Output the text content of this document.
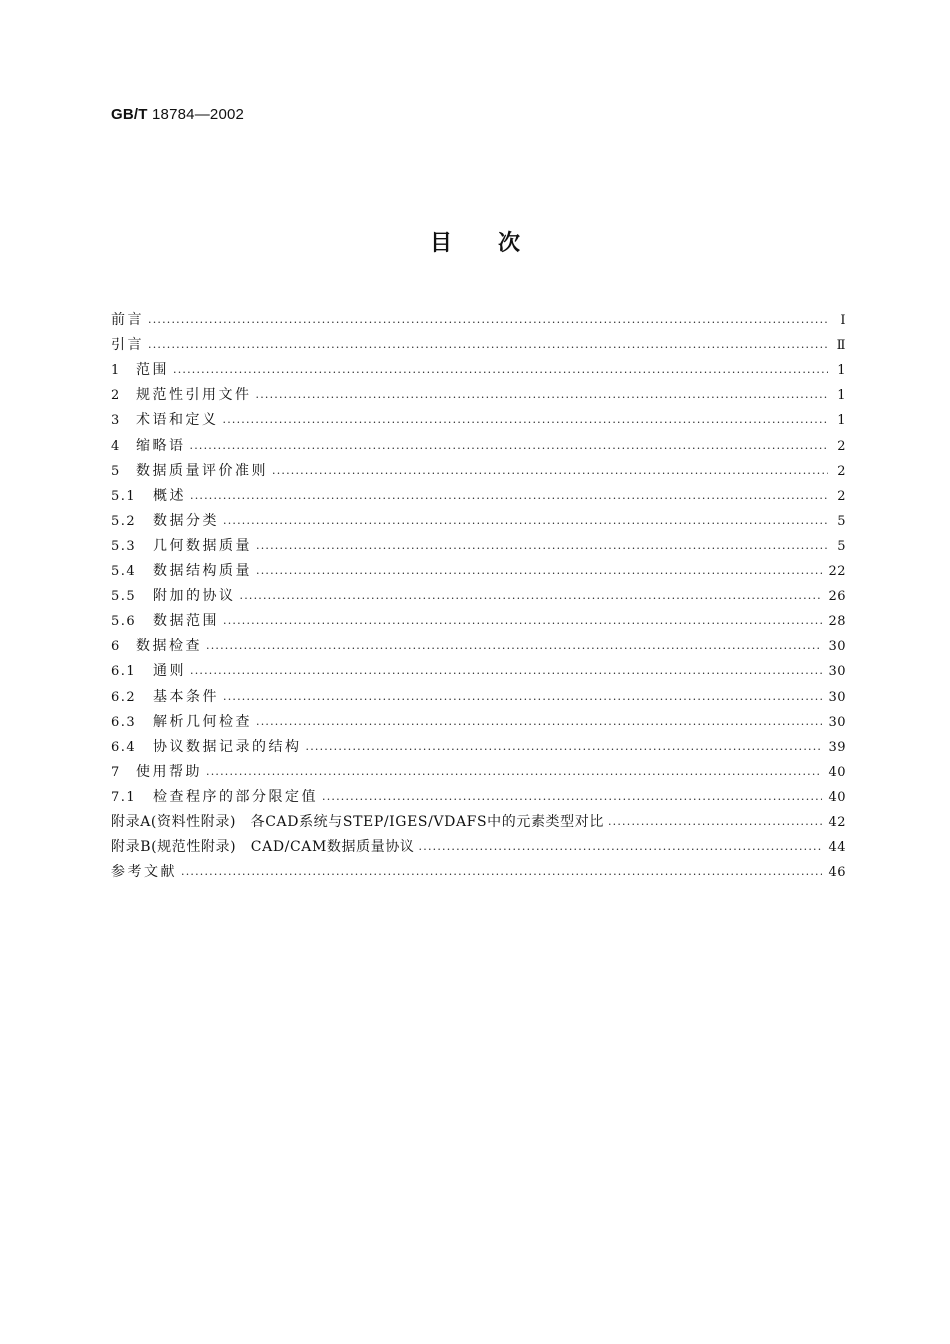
GB/T 18784—2002
目次
前言 ·····	Ⅰ
引言 ·····	Ⅱ
1	范围 ·····	1
2	规范性引用文件 ·····	1
3	术语和定义 ·····	1
4	缩略语 ·····	2
5	数据质量评价准则 ·····	2
5.1	概述 ·····	2
5.2	数据分类 ·····	5
5.3	几何数据质量 ·····	5
5.4	数据结构质量 ·····	22
5.5	附加的协议 ·····	26
5.6	数据范围 ·····	28
6	数据检查 ·····	30
6.1	通则 ·····	30
6.2	基本条件 ·····	30
6.3	解析几何检查 ·····	30
6.4	协议数据记录的结构 ·····	39
7	使用帮助 ·····	40
7.1	检查程序的部分限定值 ·····	40
附录A(资料性附录)　各CAD系统与STEP/IGES/VDAFS中的元素类型对比 ·····	42
附录B(规范性附录)　CAD/CAM数据质量协议 ·····	44
参考文献 ·····	46
